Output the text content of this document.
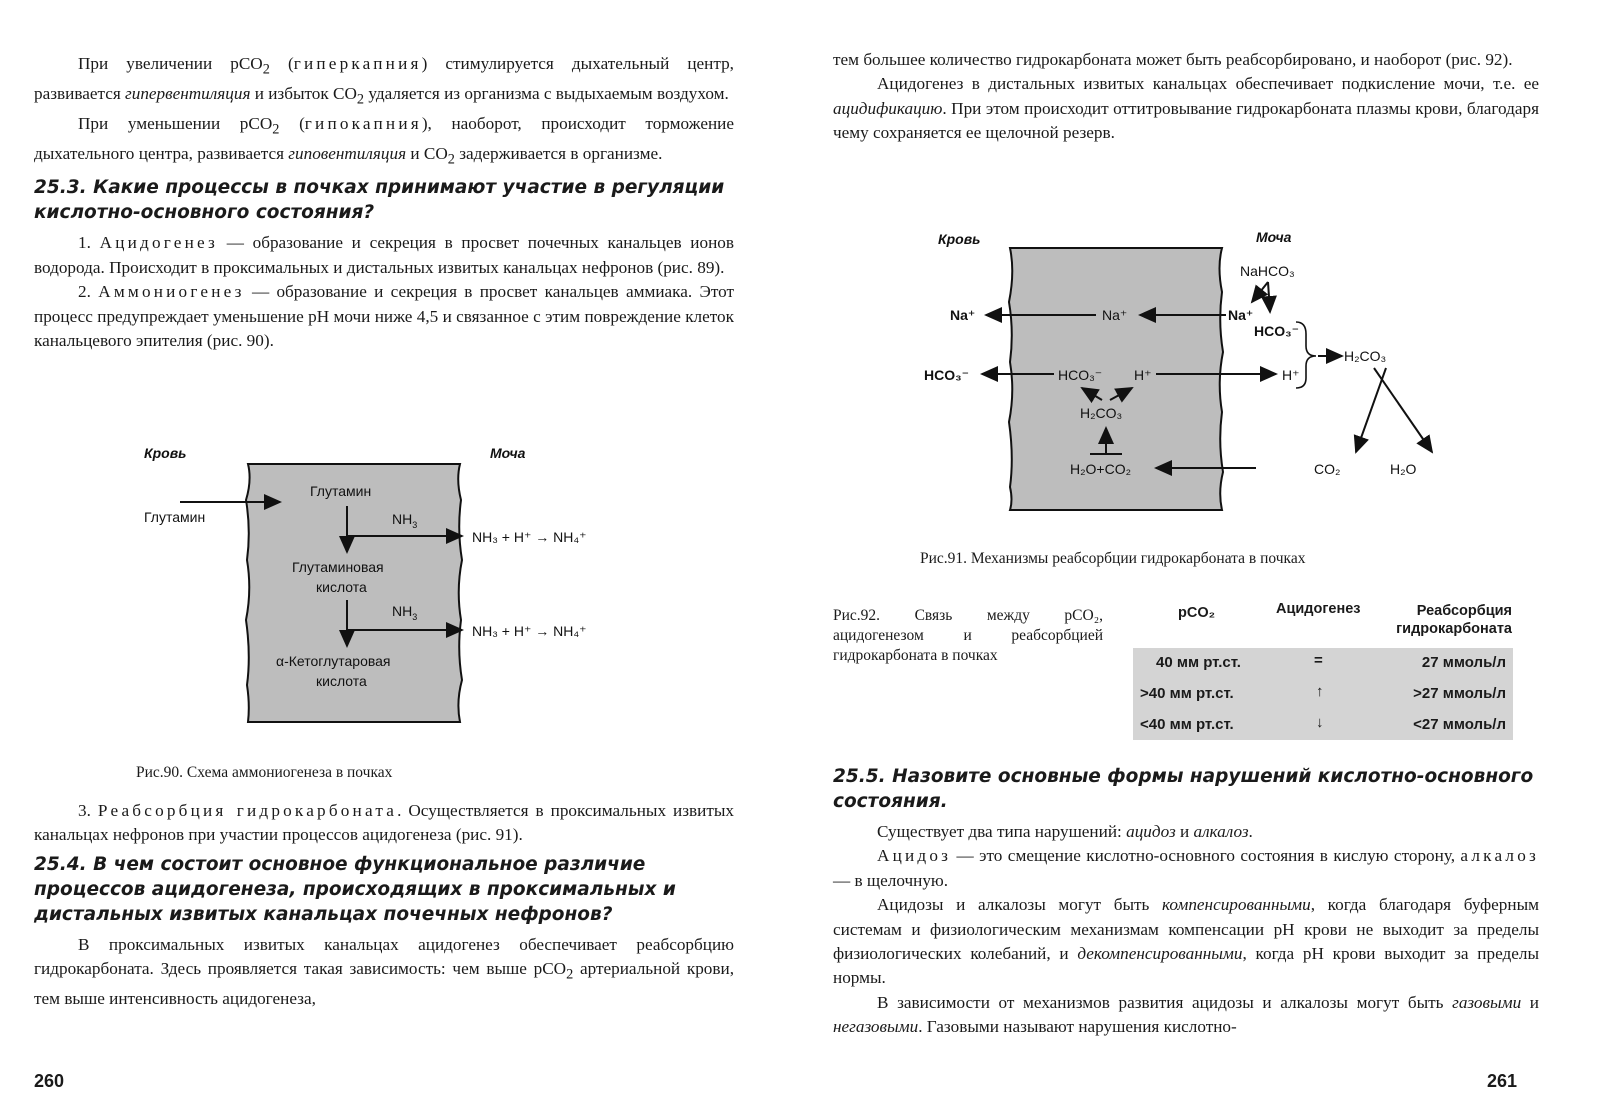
При увеличении pCO$_2$ (гиперкапния) стимулируется дыхательный центр, развивается гипервентиляция и избыток $CO_2$ удаляется из организма с выдыхаемым воздухом.

При уменьшении pCO$_2$ (гипокапния), наоборот, происходит торможение дыхательного центра, развивается гиповентиляция и $CO_2$ задерживается в организме.

25.3. Какие процессы в почках принимают участие в регуляции кислотно-основного состояния?

1. Ацидогенез — образование и секреция в просвет почечных канальцев ионов водорода. Происходит в проксимальных и дистальных извитых канальцах нефронов (рис. 89).

2. Аммониогенез — образование и секреция в просвет канальцев аммиака. Этот процесс предупреждает уменьшение pH мочи ниже 4,5 и связанное с этим повреждение клеток канальцевого эпителия (рис. 90).

Кровь	Моча
Глутамин
Глутамин
$NH_3$
NH₃ + H⁺ → NH₄⁺
Глутаминовая
кислота
$NH_3$
NH₃ + H⁺ → NH₄⁺
α-Кетоглутаровая
кислота
Рис.90. Схема аммониогенеза в почках

3. Реабсорбция гидрокарбоната. Осуществляется в проксимальных извитых канальцах нефронов при участии процессов ацидогенеза (рис. 91).

25.4. В чем состоит основное функциональное различие процессов ацидогенеза, происходящих в проксимальных и дистальных извитых канальцах почечных нефронов?

В проксимальных извитых канальцах ацидогенез обеспечивает реабсорбцию гидрокарбоната. Здесь проявляется такая зависимость: чем выше pCO$_2$ артериальной крови, тем выше интенсивность ацидогенеза,

260

тем большее количество гидрокарбоната может быть реабсорбировано, и наоборот (рис. 92).

Ацидогенез в дистальных извитых канальцах обеспечивает подкисление мочи, т.е. ее ацидификацию. При этом происходит оттитровывание гидрокарбоната плазмы крови, благодаря чему сохраняется ее щелочной резерв.

Кровь	Моча
NaHCO₃
Na⁺	Na⁺	Na⁺
HCO₃⁻
H₂CO₃
HCO₃⁻	HCO₃⁻ H⁺	H⁺
H₂CO₃
H₂O+CO₂	CO₂	H₂O
Рис.91. Механизмы реабсорбции гидрокарбоната в почках
Рис.92. Связь между pCO₂, ацидогенезом и реабсорбцией гидрокарбоната в почках
pCO₂	Ацидогенез	Реабсорбция
гидрокарбоната
40 мм рт.ст.	=	27 ммоль/л
>40 мм рт.ст.	↑	>27 ммоль/л
<40 мм рт.ст.	↓	<27 ммоль/л
25.5. Назовите основные формы нарушений кислотно-основного состояния.

Существует два типа нарушений: ацидоз и алкалоз.

Ацидоз — это смещение кислотно-основного состояния в кислую сторону, алкалоз — в щелочную.

Ацидозы и алкалозы могут быть компенсированными, когда благодаря буферным системам и физиологическим механизмам компенсации pH крови не выходит за пределы физиологических колебаний, и декомпенсированными, когда pH крови выходит за пределы нормы.

В зависимости от механизмов развития ацидозы и алкалозы могут быть газовыми и негазовыми. Газовыми называют нарушения кислотно-

261
